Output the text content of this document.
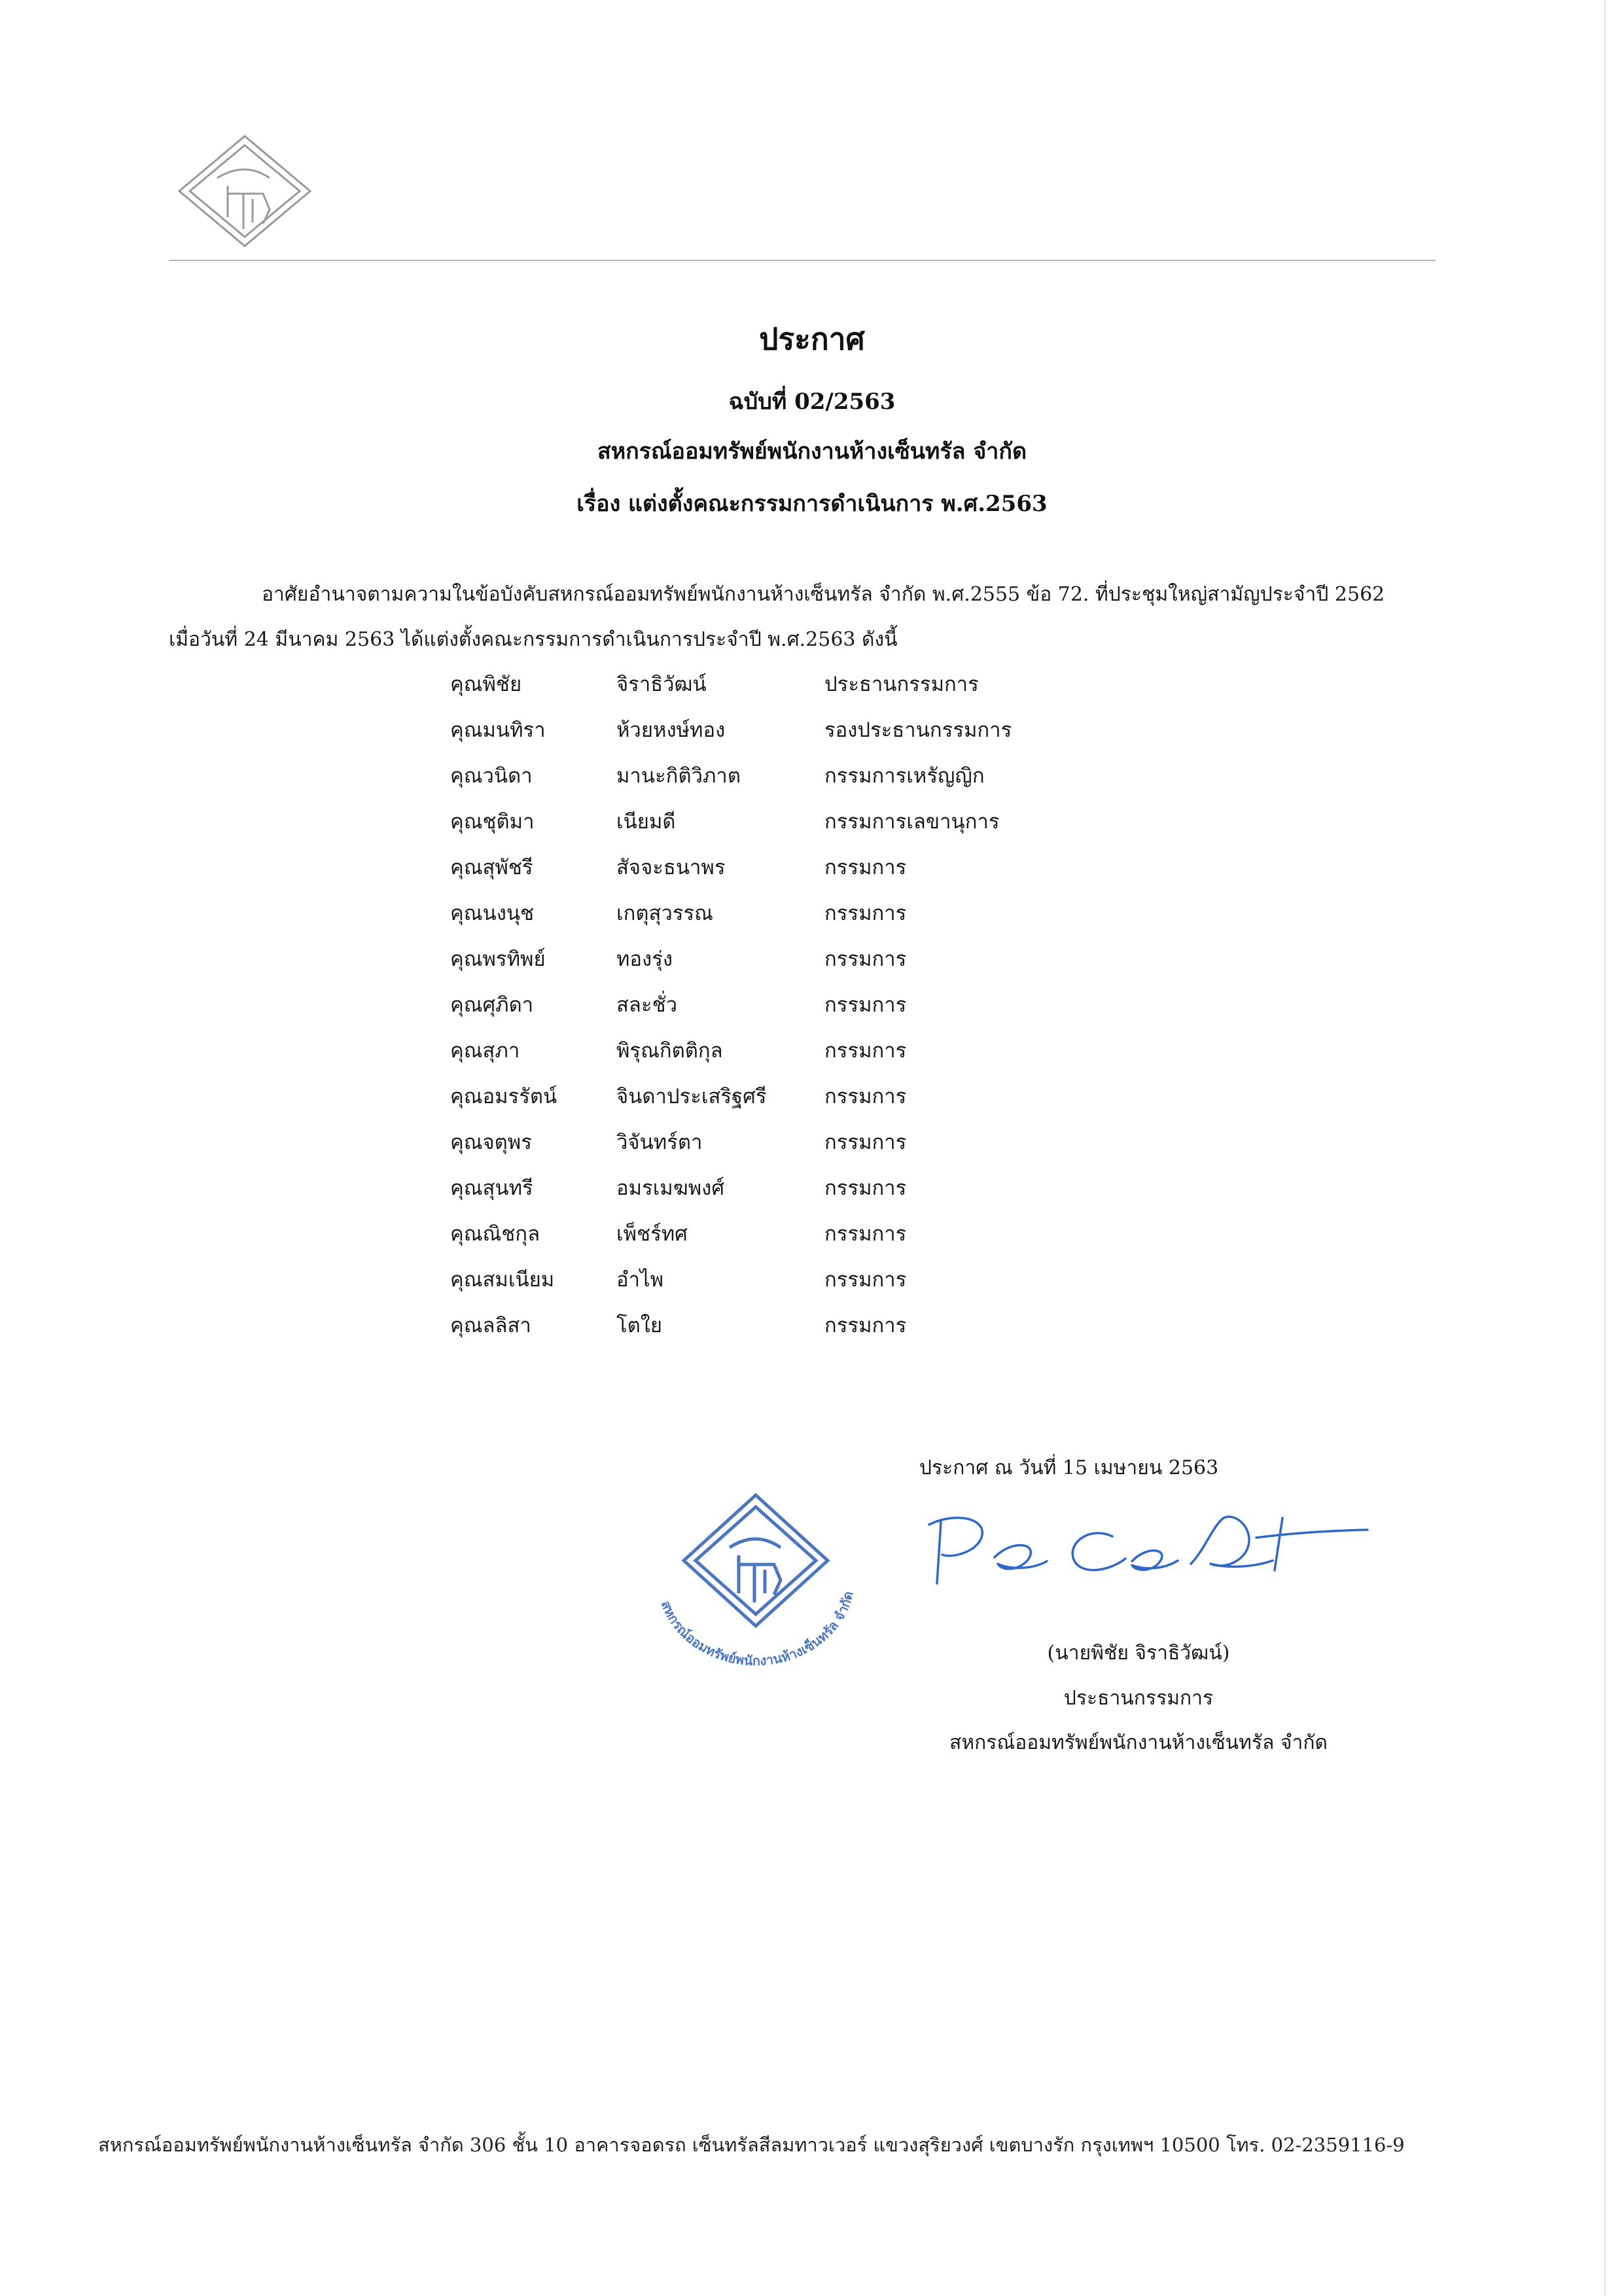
ประกาศ
ฉบับที่ 02/2563
สหกรณ์ออมทรัพย์พนักงานห้างเซ็นทรัล จำกัด
เรื่อง แต่งตั้งคณะกรรมการดำเนินการ พ.ศ.2563
อาศัยอำนาจตามความในข้อบังคับสหกรณ์ออมทรัพย์พนักงานห้างเซ็นทรัล จำกัด พ.ศ.2555 ข้อ 72. ที่ประชุมใหญ่สามัญประจำปี 2562
เมื่อวันที่ 24 มีนาคม 2563 ได้แต่งตั้งคณะกรรมการดำเนินการประจำปี พ.ศ.2563 ดังนี้
คุณพิชัย	จิราธิวัฒน์	ประธานกรรมการ
คุณมนทิรา	ห้วยหงษ์ทอง	รองประธานกรรมการ
คุณวนิดา	มานะกิติวิภาต	กรรมการเหรัญญิก
คุณชุติมา	เนียมดี	กรรมการเลขานุการ
คุณสุพัชรี	สัจจะธนาพร	กรรมการ
คุณนงนุช	เกตุสุวรรณ	กรรมการ
คุณพรทิพย์	ทองรุ่ง	กรรมการ
คุณศุภิดา	สละชั่ว	กรรมการ
คุณสุภา	พิรุณกิตติกุล	กรรมการ
คุณอมรรัตน์	จินดาประเสริฐศรี	กรรมการ
คุณจตุพร	วิจันทร์ตา	กรรมการ
คุณสุนทรี	อมรเมฆพงศ์	กรรมการ
คุณณิชกุล	เพ็ชร์ทศ	กรรมการ
คุณสมเนียม	อำไพ	กรรมการ
คุณลลิสา	โตใย	กรรมการ
ประกาศ ณ วันที่ 15 เมษายน 2563
สหกรณ์ออมทรัพย์พนักงานห้างเซ็นทรัล จำกัด
(นายพิชัย จิราธิวัฒน์)
ประธานกรรมการ
สหกรณ์ออมทรัพย์พนักงานห้างเซ็นทรัล จำกัด
สหกรณ์ออมทรัพย์พนักงานห้างเซ็นทรัล จำกัด 306 ชั้น 10 อาคารจอดรถ เซ็นทรัลสีลมทาวเวอร์ แขวงสุริยวงศ์ เขตบางรัก กรุงเทพฯ 10500 โทร. 02-2359116-9
